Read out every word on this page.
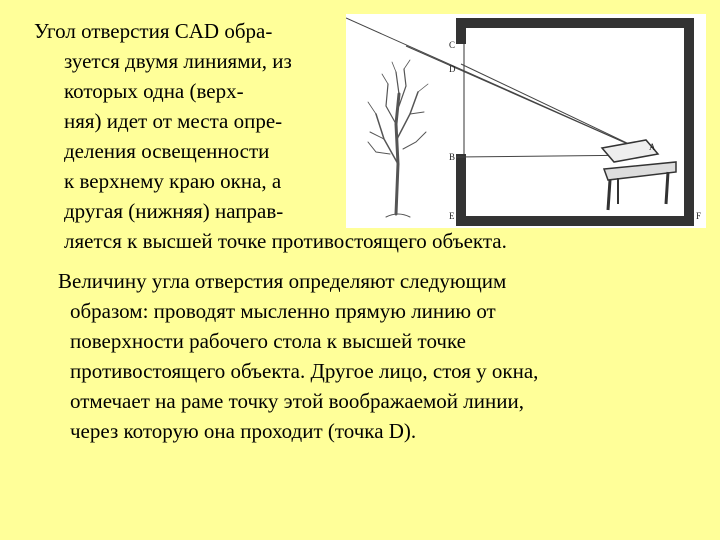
Угол отверстия CAD обра-
зуется двумя линиями, из
которых одна (верх-
няя) идет от места опре-
деления освещенности
к верхнему краю окна, а
другая (нижняя) направ-
ляется к высшей точке противостоящего объекта.
Величину угла отверстия определяют следующим
образом: проводят мысленно прямую линию от
поверхности рабочего стола к высшей точке
противостоящего объекта. Другое лицо, стоя у окна,
отмечает на раме точку этой воображаемой линии,
через которую она проходит (точка D).
C
D
B
A
E	F
